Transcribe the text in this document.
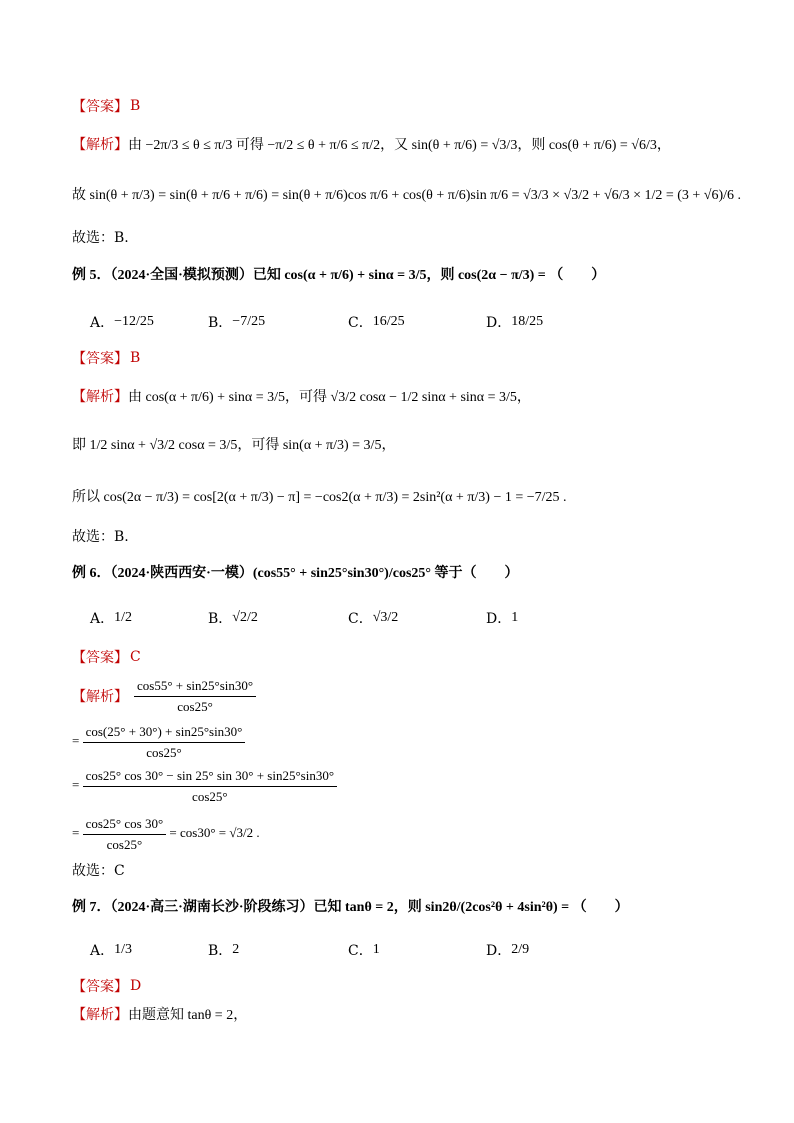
【答案】 B
【解析】 由 −2π/3 ≤ θ ≤ π/3 可得 −π/2 ≤ θ + π/6 ≤ π/2，又 sin(θ + π/6) = √3/3，则 cos(θ + π/6) = √6/3，
故 sin(θ + π/3) = sin(θ + π/6 + π/6) = sin(θ + π/6)cos π/6 + cos(θ + π/6)sin π/6 = √3/3 × √3/2 + √6/3 × 1/2 = (3 + √6)/6 .
故选：B.
例 5．（2024·全国·模拟预测）已知 cos(α + π/6) + sinα = 3/5，则 cos(2α − π/3) = （　　）
A． −12/25	B． −7/25	C． 16/25	D． 18/25
【答案】 B
【解析】 由 cos(α + π/6) + sinα = 3/5，可得 √3/2 cosα − 1/2 sinα + sinα = 3/5，
即 1/2 sinα + √3/2 cosα = 3/5，可得 sin(α + π/3) = 3/5，
所以 cos(2α − π/3) = cos[2(α + π/3) − π] = −cos2(α + π/3) = 2sin²(α + π/3) − 1 = −7/25 .
故选：B.
例 6．（2024·陕西西安·一模）(cos55° + sin25°sin30°)/cos25° 等于（　　）
A． 1/2	B． √2/2	C． √3/2	D． 1
【答案】 C
【解析】 $\frac{\cos 55^\circ + \sin 25^\circ\sin 30^\circ}{\cos 25^\circ}$
= $\frac{\cos(25^\circ + 30^\circ) + \sin 25^\circ\sin 30^\circ}{\cos 25^\circ}$
= $\frac{\cos 25^\circ \cos 30^\circ - \sin 25^\circ \sin 30^\circ + \sin 25^\circ\sin 30^\circ}{\cos 25^\circ}$
= $\frac{\cos 25^\circ \cos 30^\circ}{\cos 25^\circ} = \cos 30^\circ = √3/2$ .
故选：C
例 7．（2024·高三·湖南长沙·阶段练习）已知 tanθ = 2，则 sin2θ/(2cos²θ + 4sin²θ) = （　　）
A． 1/3	B． 2	C． 1	D． 2/9
【答案】 D
【解析】 由题意知 tanθ = 2，
